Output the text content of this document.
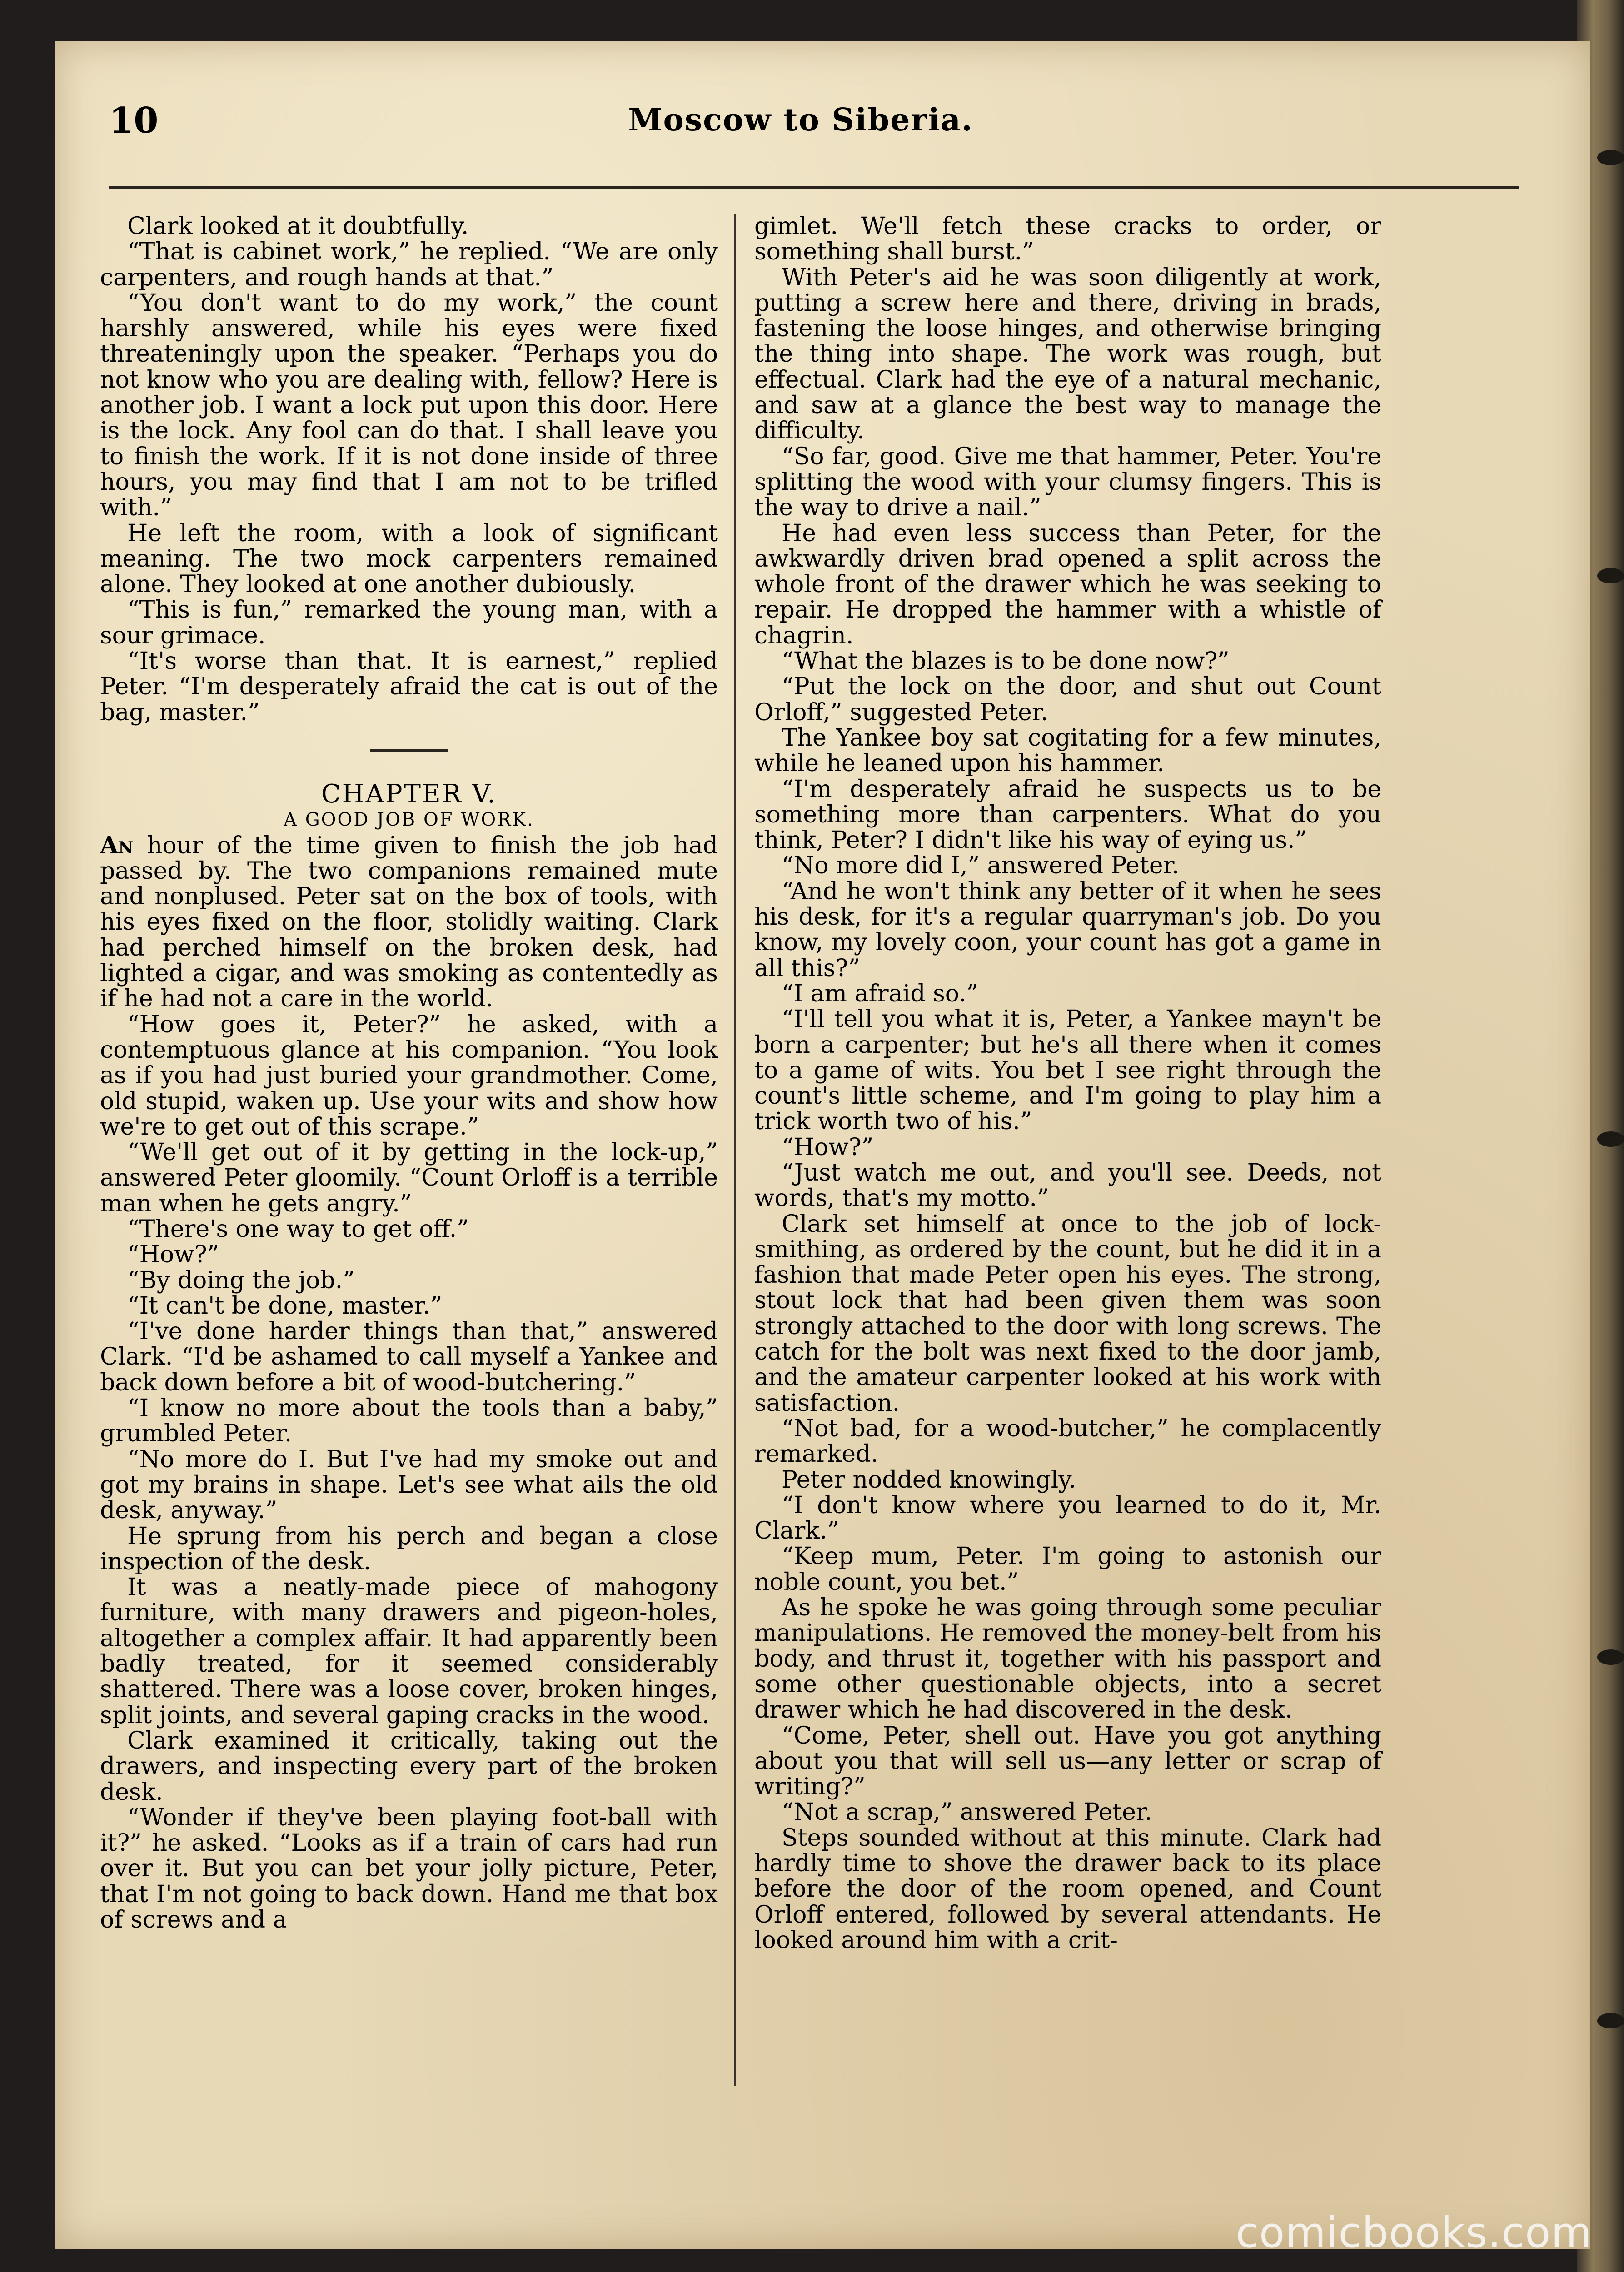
10	Moscow to Siberia.

Clark looked at it doubtfully.

“That is cabinet work,” he replied. “We are only carpenters, and rough hands at that.”

“You don't want to do my work,” the count harshly answered, while his eyes were fixed threateningly upon the speaker. “Perhaps you do not know who you are dealing with, fellow? Here is another job. I want a lock put upon this door. Here is the lock. Any fool can do that. I shall leave you to finish the work. If it is not done inside of three hours, you may find that I am not to be trifled with.”

He left the room, with a look of significant meaning. The two mock carpenters remained alone. They looked at one another dubiously.

“This is fun,” remarked the young man, with a sour grimace.

“It's worse than that. It is earnest,” replied Peter. “I'm desperately afraid the cat is out of the bag, master.”

CHAPTER V.

A GOOD JOB OF WORK.

An hour of the time given to finish the job had passed by. The two companions remained mute and nonplused. Peter sat on the box of tools, with his eyes fixed on the floor, stolidly waiting. Clark had perched himself on the broken desk, had lighted a cigar, and was smoking as contentedly as if he had not a care in the world.

“How goes it, Peter?” he asked, with a contemptuous glance at his companion. “You look as if you had just buried your grandmother. Come, old stupid, waken up. Use your wits and show how we're to get out of this scrape.”

“We'll get out of it by getting in the lock-up,” answered Peter gloomily. “Count Orloff is a terrible man when he gets angry.”

“There's one way to get off.”

“How?”

“By doing the job.”

“It can't be done, master.”

“I've done harder things than that,” answered Clark. “I'd be ashamed to call myself a Yankee and back down before a bit of wood-butchering.”

“I know no more about the tools than a baby,” grumbled Peter.

“No more do I. But I've had my smoke out and got my brains in shape. Let's see what ails the old desk, anyway.”

He sprung from his perch and began a close inspection of the desk.

It was a neatly-made piece of mahogony furniture, with many drawers and pigeon-holes, altogether a complex affair. It had apparently been badly treated, for it seemed considerably shattered. There was a loose cover, broken hinges, split joints, and several gaping cracks in the wood.

Clark examined it critically, taking out the drawers, and inspecting every part of the broken desk.

“Wonder if they've been playing foot-ball with it?” he asked. “Looks as if a train of cars had run over it. But you can bet your jolly picture, Peter, that I'm not going to back down. Hand me that box of screws and a

gimlet. We'll fetch these cracks to order, or something shall burst.”

With Peter's aid he was soon diligently at work, putting a screw here and there, driving in brads, fastening the loose hinges, and otherwise bringing the thing into shape. The work was rough, but effectual. Clark had the eye of a natural mechanic, and saw at a glance the best way to manage the difficulty.

“So far, good. Give me that hammer, Peter. You're splitting the wood with your clumsy fingers. This is the way to drive a nail.”

He had even less success than Peter, for the awkwardly driven brad opened a split across the whole front of the drawer which he was seeking to repair. He dropped the hammer with a whistle of chagrin.

“What the blazes is to be done now?”

“Put the lock on the door, and shut out Count Orloff,” suggested Peter.

The Yankee boy sat cogitating for a few minutes, while he leaned upon his hammer.

“I'm desperately afraid he suspects us to be something more than carpenters. What do you think, Peter? I didn't like his way of eying us.”

“No more did I,” answered Peter.

“And he won't think any better of it when he sees his desk, for it's a regular quarryman's job. Do you know, my lovely coon, your count has got a game in all this?”

“I am afraid so.”

“I'll tell you what it is, Peter, a Yankee mayn't be born a carpenter; but he's all there when it comes to a game of wits. You bet I see right through the count's little scheme, and I'm going to play him a trick worth two of his.”

“How?”

“Just watch me out, and you'll see. Deeds, not words, that's my motto.”

Clark set himself at once to the job of lock-smithing, as ordered by the count, but he did it in a fashion that made Peter open his eyes. The strong, stout lock that had been given them was soon strongly attached to the door with long screws. The catch for the bolt was next fixed to the door jamb, and the amateur carpenter looked at his work with satisfaction.

“Not bad, for a wood-butcher,” he complacently remarked.

Peter nodded knowingly.

“I don't know where you learned to do it, Mr. Clark.”

“Keep mum, Peter. I'm going to astonish our noble count, you bet.”

As he spoke he was going through some peculiar manipulations. He removed the money-belt from his body, and thrust it, together with his passport and some other questionable objects, into a secret drawer which he had discovered in the desk.

“Come, Peter, shell out. Have you got anything about you that will sell us—any letter or scrap of writing?”

“Not a scrap,” answered Peter.

Steps sounded without at this minute. Clark had hardly time to shove the drawer back to its place before the door of the room opened, and Count Orloff entered, followed by several attendants. He looked around him with a crit-

comicbooks.com
